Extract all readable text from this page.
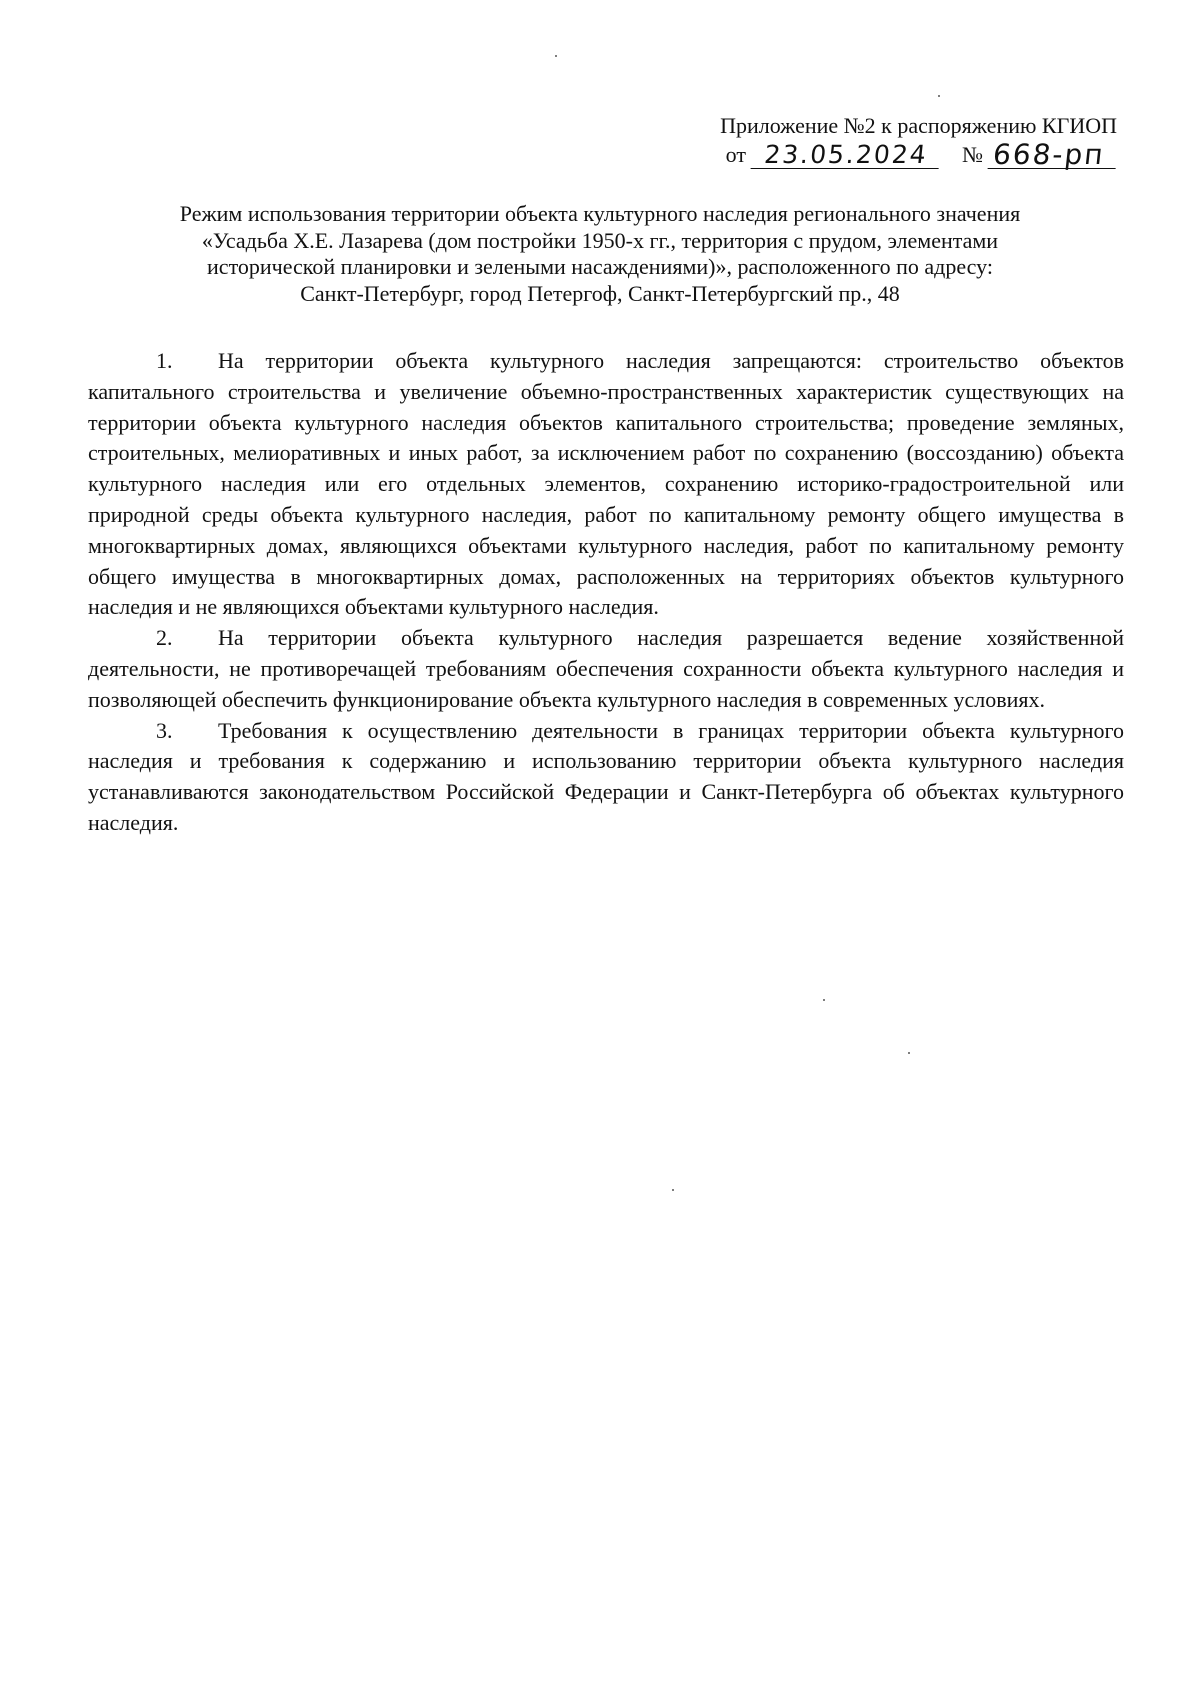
Приложение №2 к распоряжению КГИОП
от 23.05.2024	№ 668-рп
Режим использования территории объекта культурного наследия регионального значения
«Усадьба Х.Е. Лазарева (дом постройки 1950-х гг., территория с прудом, элементами
исторической планировки и зелеными насаждениями)», расположенного по адресу:
Санкт-Петербург, город Петергоф, Санкт-Петербургский пр., 48

1. На территории объекта культурного наследия запрещаются: строительство объектов капитального строительства и увеличение объемно-пространственных характеристик существующих на территории объекта культурного наследия объектов капитального строительства; проведение земляных, строительных, мелиоративных и иных работ, за исключением работ по сохранению (воссозданию) объекта культурного наследия или его отдельных элементов, сохранению историко-градостроительной или природной среды объекта культурного наследия, работ по капитальному ремонту общего имущества в многоквартирных домах, являющихся объектами культурного наследия, работ по капитальному ремонту общего имущества в многоквартирных домах, расположенных на территориях объектов культурного наследия и не являющихся объектами культурного наследия.

2. На территории объекта культурного наследия разрешается ведение хозяйственной деятельности, не противоречащей требованиям обеспечения сохранности объекта культурного наследия и позволяющей обеспечить функционирование объекта культурного наследия в современных условиях.

3. Требования к осуществлению деятельности в границах территории объекта культурного наследия и требования к содержанию и использованию территории объекта культурного наследия устанавливаются законодательством Российской Федерации и Санкт-Петербурга об объектах культурного наследия.
